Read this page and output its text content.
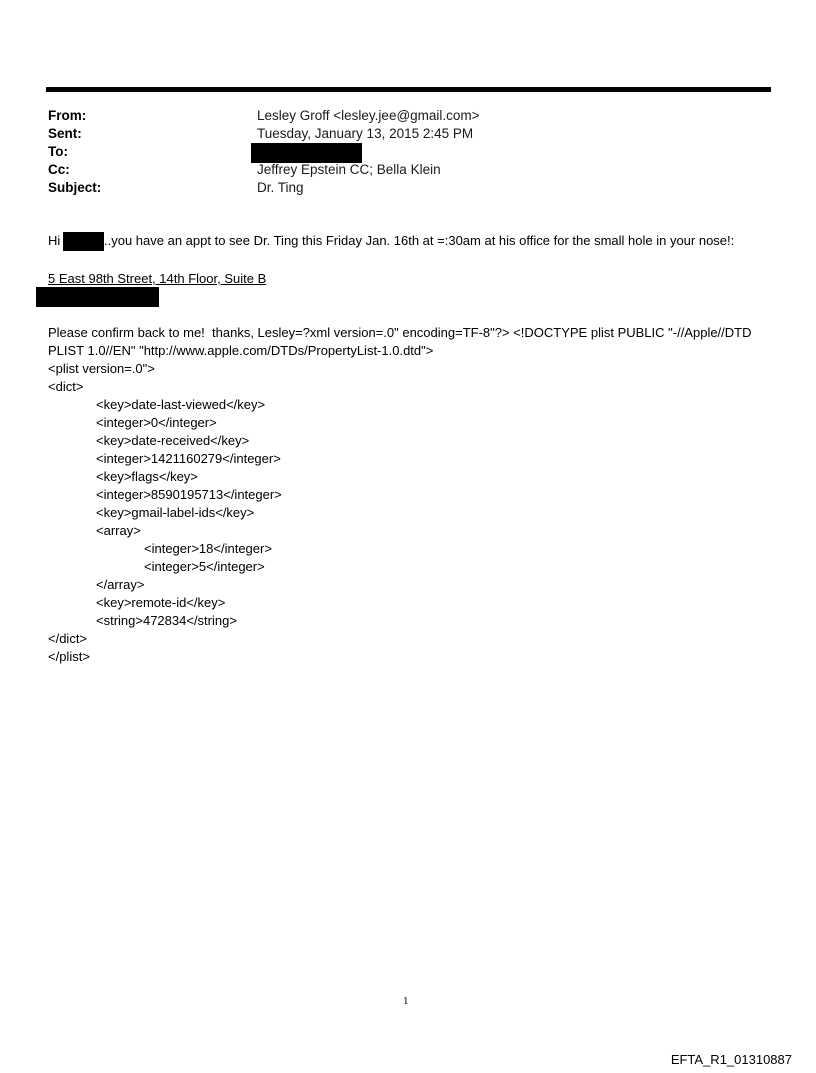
From:	Lesley Groff <lesley.jee@gmail.com>
Sent:	Tuesday, January 13, 2015 2:45 PM
To:
Cc:	Jeffrey Epstein CC; Bella Klein
Subject:	Dr. Ting
Hi	..you have an appt to see Dr. Ting this Friday Jan. 16th at =:30am at his office for the small hole in your nose!:
5 East 98th Street, 14th Floor, Suite B
Please confirm back to me!  thanks, Lesley=?xml version=.0" encoding=TF-8"?> <!DOCTYPE plist PUBLIC "-//Apple//DTD
PLIST 1.0//EN" "http://www.apple.com/DTDs/PropertyList-1.0.dtd">
<plist version=.0">
<dict>
<key>date-last-viewed</key>
<integer>0</integer>
<key>date-received</key>
<integer>1421160279</integer>
<key>flags</key>
<integer>8590195713</integer>
<key>gmail-label-ids</key>
<array>
<integer>18</integer>
<integer>5</integer>
</array>
<key>remote-id</key>
<string>472834</string>
</dict>
</plist>
1
EFTA_R1_01310887
